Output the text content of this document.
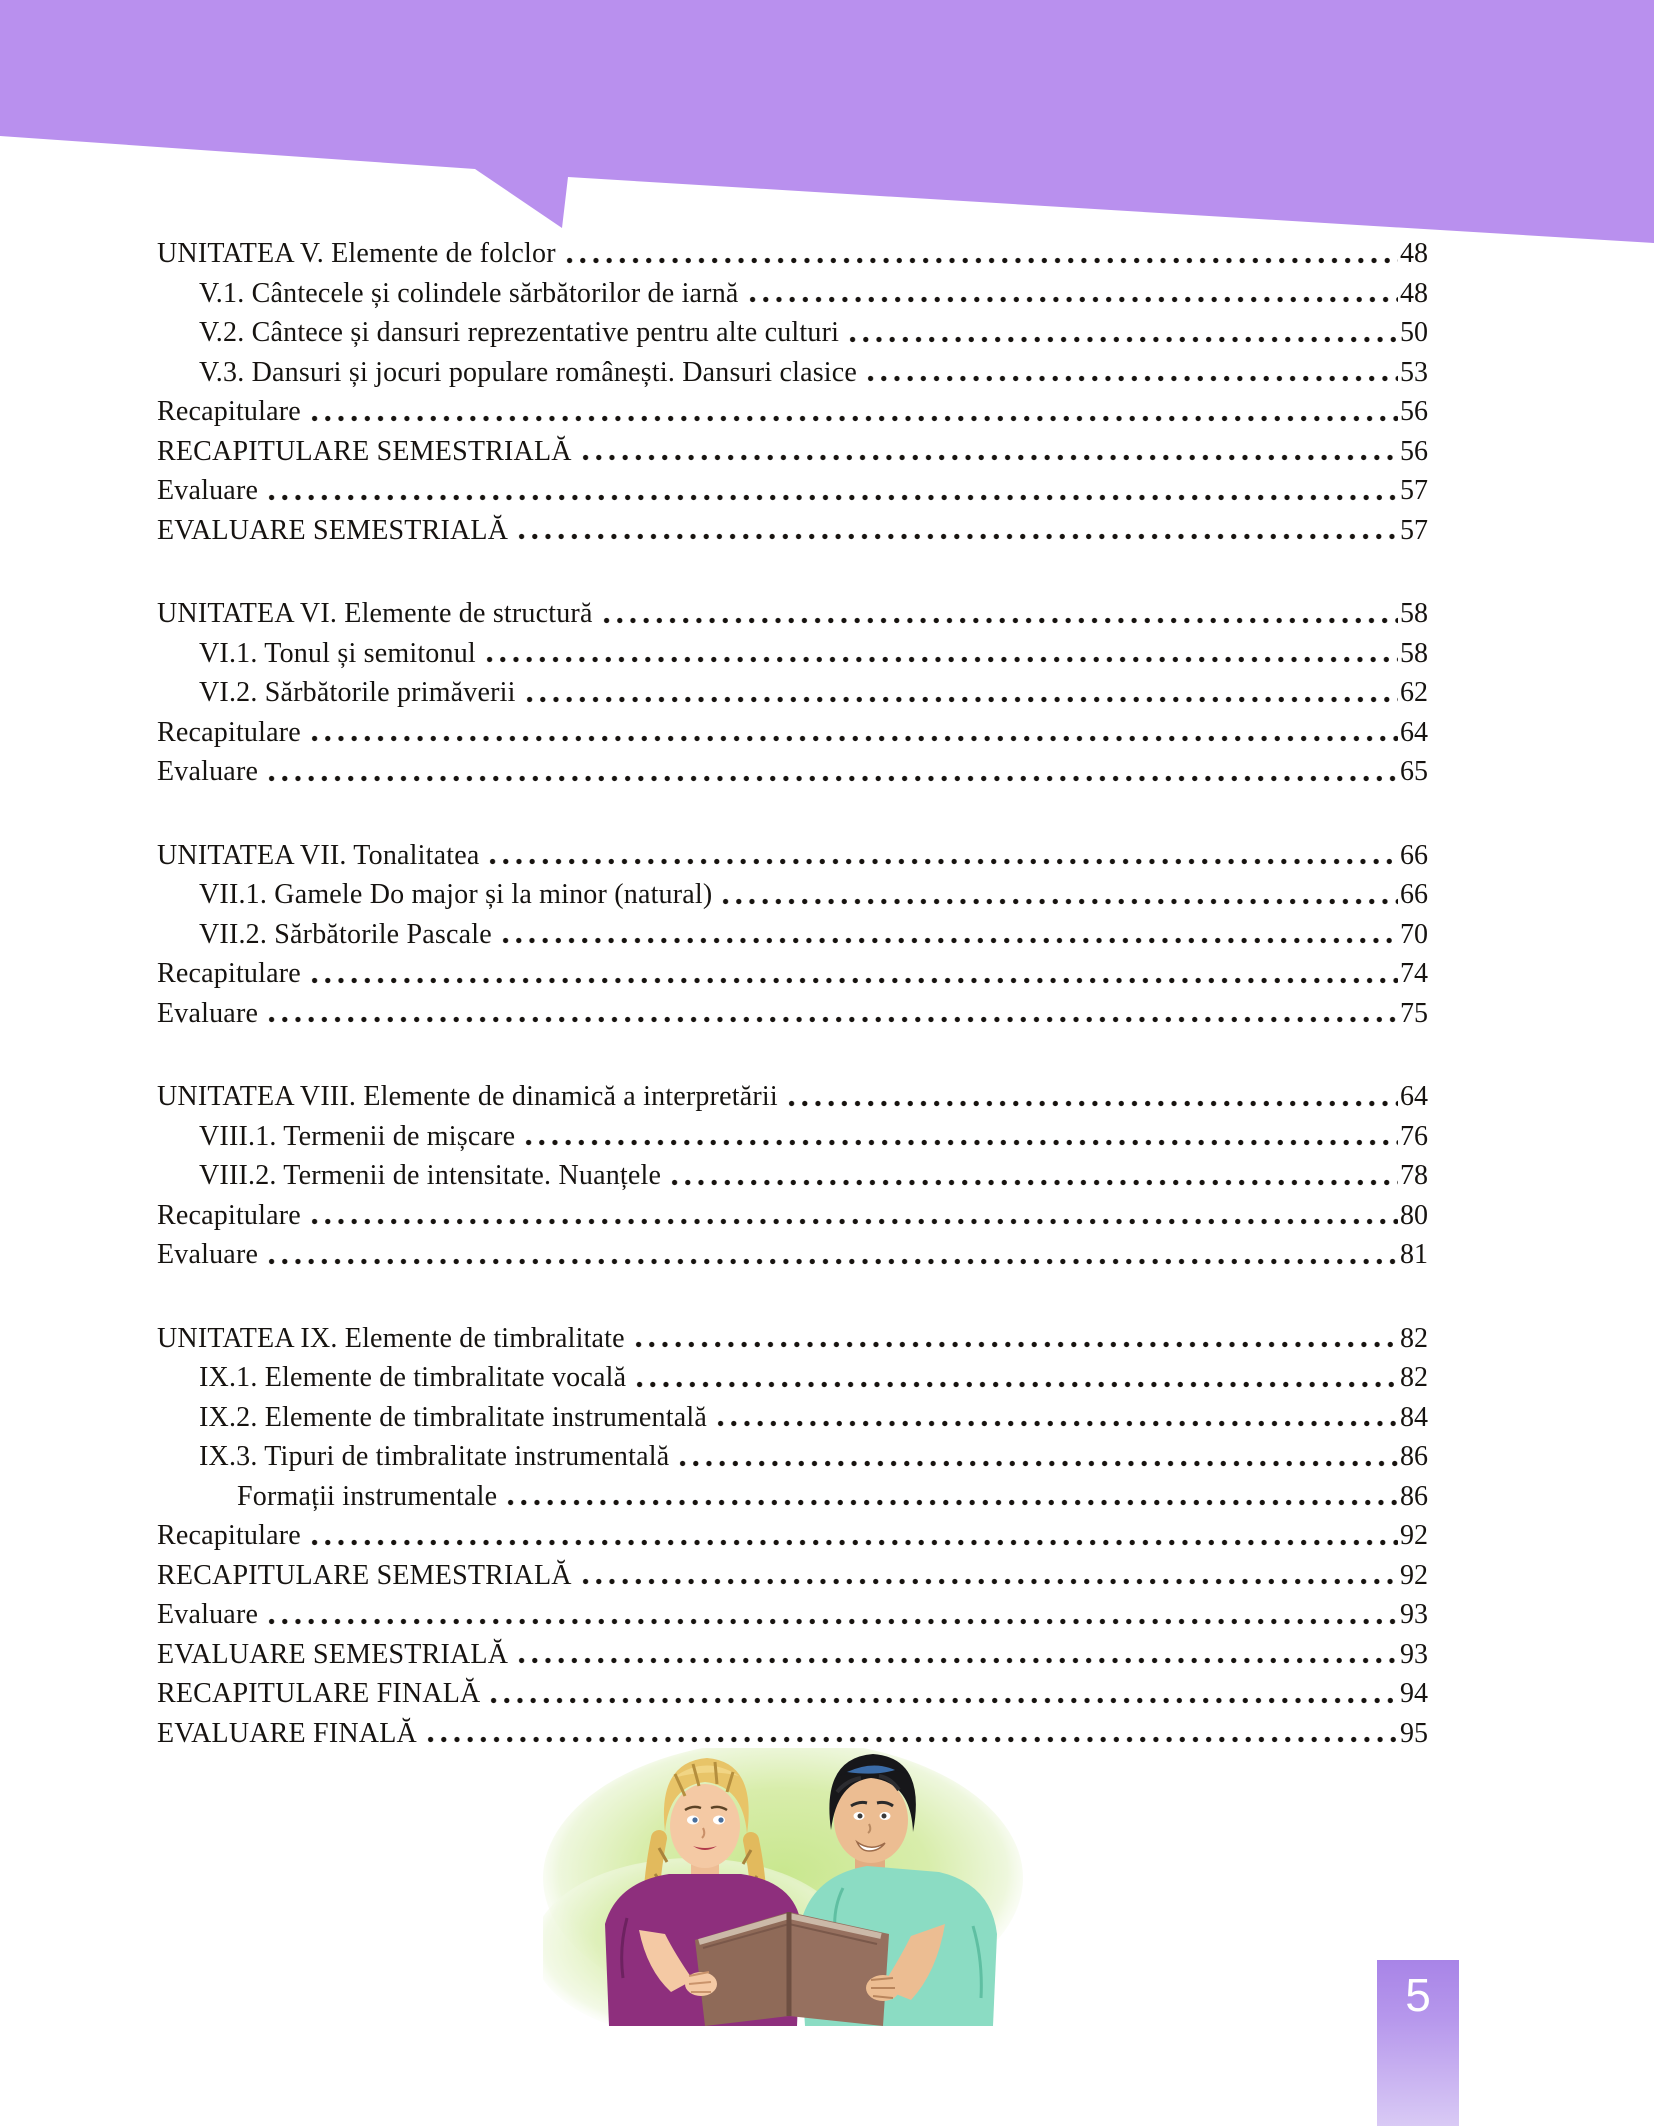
UNITATEA V. Elemente de folclor	48
V.1. Cântecele și colindele sărbătorilor de iarnă	48
V.2. Cântece și dansuri reprezentative pentru alte culturi	50
V.3. Dansuri și jocuri populare românești. Dansuri clasice	53
Recapitulare	56
RECAPITULARE SEMESTRIALĂ	56
Evaluare	57
EVALUARE SEMESTRIALĂ	57
UNITATEA VI. Elemente de structură	58
VI.1. Tonul și semitonul	58
VI.2. Sărbătorile primăverii	62
Recapitulare	64
Evaluare	65
UNITATEA VII. Tonalitatea	66
VII.1. Gamele Do major și la minor (natural)	66
VII.2. Sărbătorile Pascale	70
Recapitulare	74
Evaluare	75
UNITATEA VIII. Elemente de dinamică a interpretării	64
VIII.1. Termenii de mișcare	76
VIII.2. Termenii de intensitate. Nuanțele	78
Recapitulare	80
Evaluare	81
UNITATEA IX. Elemente de timbralitate	82
IX.1. Elemente de timbralitate vocală	82
IX.2. Elemente de timbralitate instrumentală	84
IX.3. Tipuri de timbralitate instrumentală	86
Formații instrumentale	86
Recapitulare	92
RECAPITULARE SEMESTRIALĂ	92
Evaluare	93
EVALUARE SEMESTRIALĂ	93
RECAPITULARE FINALĂ	94
EVALUARE FINALĂ	95
5
